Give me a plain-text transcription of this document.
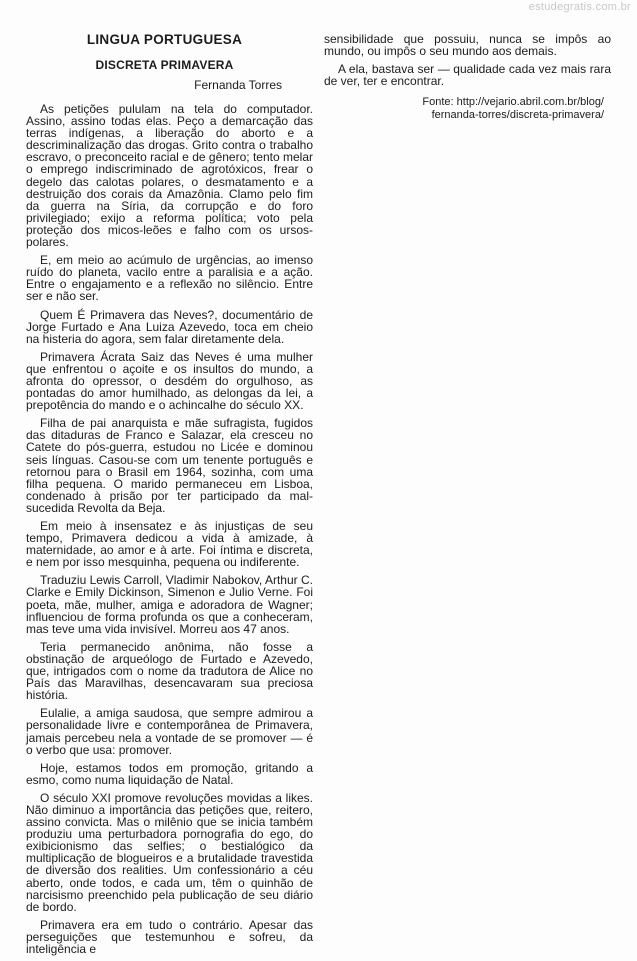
estudegratis.com.br
LINGUA PORTUGUESA
DISCRETA PRIMAVERA
Fernanda Torres

As petições pululam na tela do computador. Assino, assino todas elas. Peço a demarcação das terras indígenas, a liberação do aborto e a descriminalização das drogas. Grito contra o trabalho escravo, o preconceito racial e de gênero; tento melar o emprego indiscriminado de agrotóxicos, frear o degelo das calotas polares, o desmatamento e a destruição dos corais da Amazônia. Clamo pelo fim da guerra na Síria, da corrupção e do foro privilegiado; exijo a reforma política; voto pela proteção dos micos-leões e falho com os ursos-polares.

E, em meio ao acúmulo de urgências, ao imenso ruído do planeta, vacilo entre a paralisia e a ação. Entre o engajamento e a reflexão no silêncio. Entre ser e não ser.

Quem É Primavera das Neves?, documentário de Jorge Furtado e Ana Luiza Azevedo, toca em cheio na histeria do agora, sem falar diretamente dela.

Primavera Ácrata Saiz das Neves é uma mulher que enfrentou o açoite e os insultos do mundo, a afronta do opressor, o desdém do orgulhoso, as pontadas do amor humilhado, as delongas da lei, a prepotência do mando e o achincalhe do século XX.

Filha de pai anarquista e mãe sufragista, fugidos das ditaduras de Franco e Salazar, ela cresceu no Catete do pós-guerra, estudou no Licée e dominou seis línguas. Casou-se com um tenente português e retornou para o Brasil em 1964, sozinha, com uma filha pequena. O marido permaneceu em Lisboa, condenado à prisão por ter participado da mal-sucedida Revolta da Beja.

Em meio à insensatez e às injustiças de seu tempo, Primavera dedicou a vida à amizade, à maternidade, ao amor e à arte. Foi íntima e discreta, e nem por isso mesquinha, pequena ou indiferente.

Traduziu Lewis Carroll, Vladimir Nabokov, Arthur C. Clarke e Emily Dickinson, Simenon e Julio Verne. Foi poeta, mãe, mulher, amiga e adoradora de Wagner; influenciou de forma profunda os que a conheceram, mas teve uma vida invisível. Morreu aos 47 anos.

Teria permanecido anônima, não fosse a obstinação de arqueólogo de Furtado e Azevedo, que, intrigados com o nome da tradutora de Alice no País das Maravilhas, desencavaram sua preciosa história.

Eulalie, a amiga saudosa, que sempre admirou a personalidade livre e contemporânea de Primavera, jamais percebeu nela a vontade de se promover — é o verbo que usa: promover.

Hoje, estamos todos em promoção, gritando a esmo, como numa liquidação de Natal.

O século XXI promove revoluções movidas a likes. Não diminuo a importância das petições que, reitero, assino convicta. Mas o milênio que se inicia também produziu uma perturbadora pornografia do ego, do exibicionismo das selfies; o bestialógico da multiplicação de blogueiros e a brutalidade travestida de diversão dos realities. Um confessionário a céu aberto, onde todos, e cada um, têm o quinhão de narcisismo preenchido pela publicação de seu diário de bordo.

Primavera era em tudo o contrário. Apesar das perseguições que testemunhou e sofreu, da inteligência e

sensibilidade que possuiu, nunca se impôs ao mundo, ou impôs o seu mundo aos demais.

A ela, bastava ser — qualidade cada vez mais rara de ver, ter e encontrar.

Fonte: http://vejario.abril.com.br/blog/
fernanda-torres/discreta-primavera/
